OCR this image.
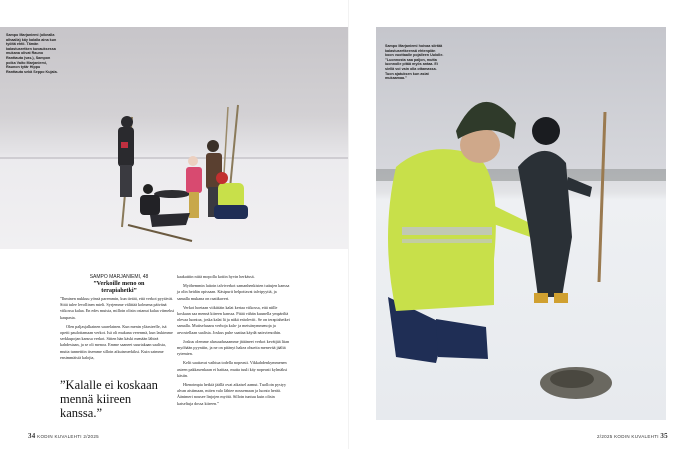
Sampo Marjaniemi (oikealla alhaalla) käy kalalla aina kun työltä ehtii. Tämän kalastusretken kuvauksessa mukana olivat Rauno Ranttauta (vas.), Sampon poika Vaito Marjaniemi, Raunon tytär Hippu Ranttauta sekä Seppo Kujala.
SAMPO MARJANIEMI, 48
”Verkoille meno on terapiahetki”

”Ihminen nukkuu yönsä paremmin, kun tietää, että verkot pyytävät. Siitä tulee levollinen mieli. Syrjemme välittää kolmena päivänä viikossa kalaa. En edes muista, milloin olisin ostanut kalaa viimeksi kaupasta.

Olen paljasjalkainen saarelainen. Kun menin yläasteelle, isä opetti paulottamaan verkot. Isä oli mukana verenmä, kun laskimme serkkupojan kanssa verkot. Sitten hän käski menään lähteä kahdestaan, ja se oli menoa. Emme saaneet suurtakaan saalista, mutta tunnettiin itsemme silloin aikuismerkiksi. Kuin saimme ensimmäisiä kalojia,

”Kalalle ei koskaan mennä kiireen kanssa.”

kaakattiin niitä mopolla kotiin hyvin herkässä.

Myöhemmin laitoin talviverkot samanhenkisten tuttujen kanssa ja olin heidän opissaan. Käsipurit helpottavat talvipyytiä, ja samalla mukana on raatikaveri.

Verkot hoetaan viikittäin kalat kertaa viikossa, että niille koskaan saa mennä kiireen kanssa. Pitää vähän kuunella ympäriltä olevaa luontoa, joska kalat lä ja näkä eräoleviit. Se on terapiahetkei samalla. Mutisefaaaru verhoja kala- ja metsänymmenoja ja arvostellaan saalista. Joskus puhe saattaa käydä naisvienoihin.

Joskus olemme alusuudusaamme jättäneet verkot kevätjää liian myöhään pyyntiin, ja ne on pitänyt hakea ohueita menevää jäältä rytemien.

Kelit saattavat vaihtua todella nopeasti. Vikkahdenkymmenen asteen pakkasenkaan ei haittaa, mutta tuuli käy nopeasti kylmäksi käsiin.

Hienoimpia hetkiä jäällä ovat aikaisel aamut. Tuolloin pystyy alvan aistimaan, miten valo lähtee nousemaan ja luonto herää. Äänimeri nousee linjojen myötä. Silloin tuntuu kuin olisin katseltuja dossa kiireen.”

34 KODIN KUVALEHTI 2/2025
Sampo Marjaniemi hoivaa siirtää kalastusretkeensä ehtenpiän koon vuottaalle pojalleen Uulolle. ”Luonnosta saa paljon, mutta luonnolle pitää myös antaa. Ei siellä voi vain olla ottamassa. Tuon ajatuksen kun asiat mukaamaa.”
2/2025 KODIN KUVALEHTI 35
